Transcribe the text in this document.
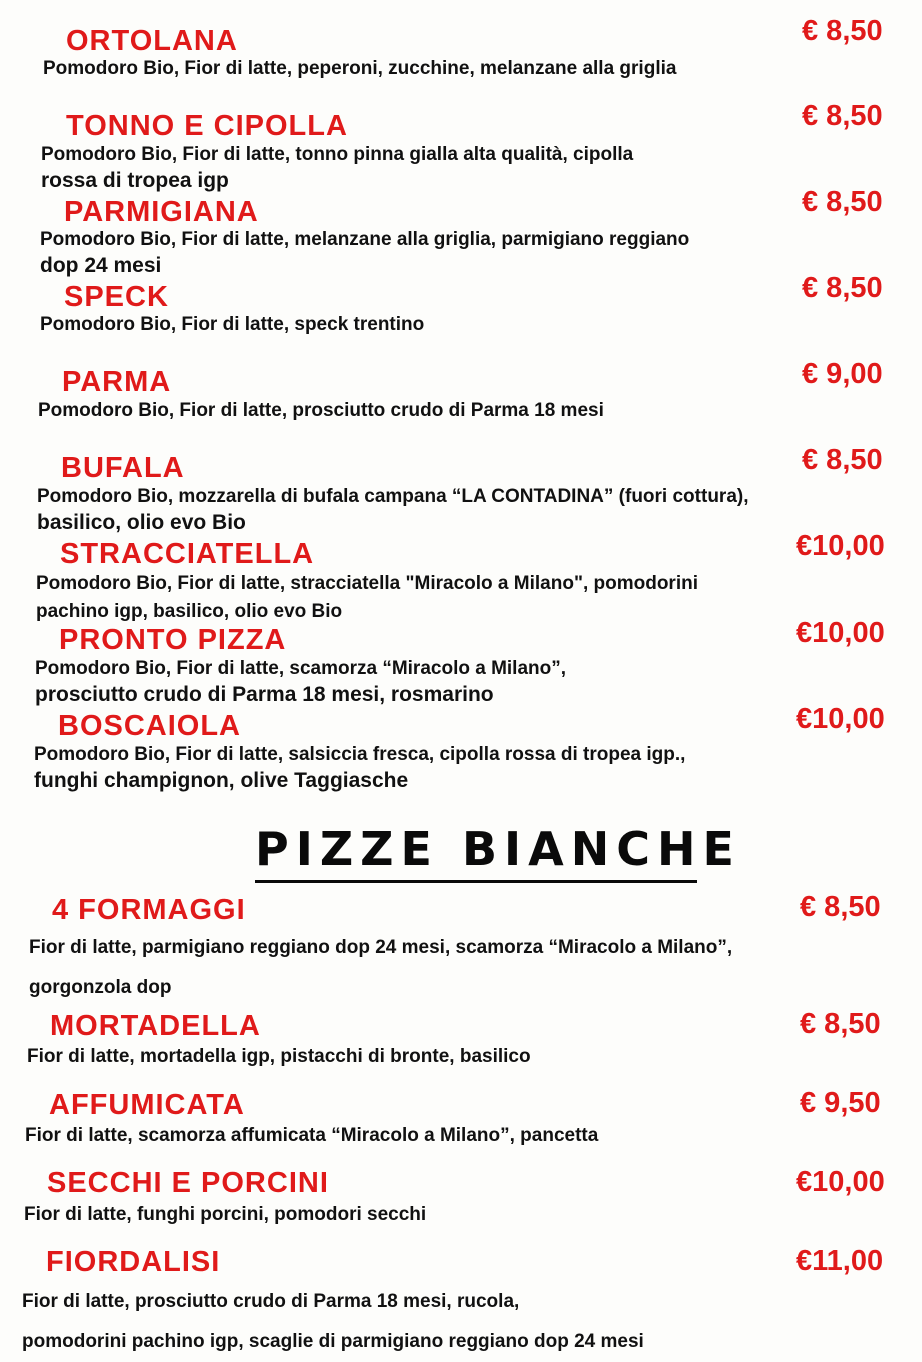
ORTOLANA	€ 8,50
Pomodoro Bio, Fior di latte, peperoni, zucchine, melanzane alla griglia
TONNO E CIPOLLA	€ 8,50
Pomodoro Bio, Fior di latte, tonno pinna gialla alta qualità, cipolla
rossa di tropea igp
PARMIGIANA	€ 8,50
Pomodoro Bio, Fior di latte, melanzane alla griglia, parmigiano reggiano
dop 24 mesi
SPECK	€ 8,50
Pomodoro Bio, Fior di latte, speck trentino
PARMA	€ 9,00
Pomodoro Bio, Fior di latte, prosciutto crudo di Parma 18 mesi
BUFALA	€ 8,50
Pomodoro Bio, mozzarella di bufala campana “LA CONTADINA” (fuori cottura),
basilico, olio evo Bio
STRACCIATELLA	€10,00
Pomodoro Bio, Fior di latte, stracciatella "Miracolo a Milano", pomodorini
pachino igp, basilico, olio evo Bio
PRONTO PIZZA	€10,00
Pomodoro Bio, Fior di latte, scamorza “Miracolo a Milano”,
prosciutto crudo di Parma 18 mesi, rosmarino
BOSCAIOLA	€10,00
Pomodoro Bio, Fior di latte, salsiccia fresca, cipolla rossa di tropea igp.,
funghi champignon, olive Taggiasche
PIZZE BIANCHE
4 FORMAGGI	€ 8,50
Fior di latte, parmigiano reggiano dop 24 mesi, scamorza “Miracolo a Milano”,
gorgonzola dop
MORTADELLA	€ 8,50
Fior di latte, mortadella igp, pistacchi di bronte, basilico
AFFUMICATA	€ 9,50
Fior di latte, scamorza affumicata “Miracolo a Milano”, pancetta
SECCHI E PORCINI	€10,00
Fior di latte, funghi porcini, pomodori secchi
FIORDALISI	€11,00
Fior di latte, prosciutto crudo di Parma 18 mesi, rucola,
pomodorini pachino igp, scaglie di parmigiano reggiano dop 24 mesi
